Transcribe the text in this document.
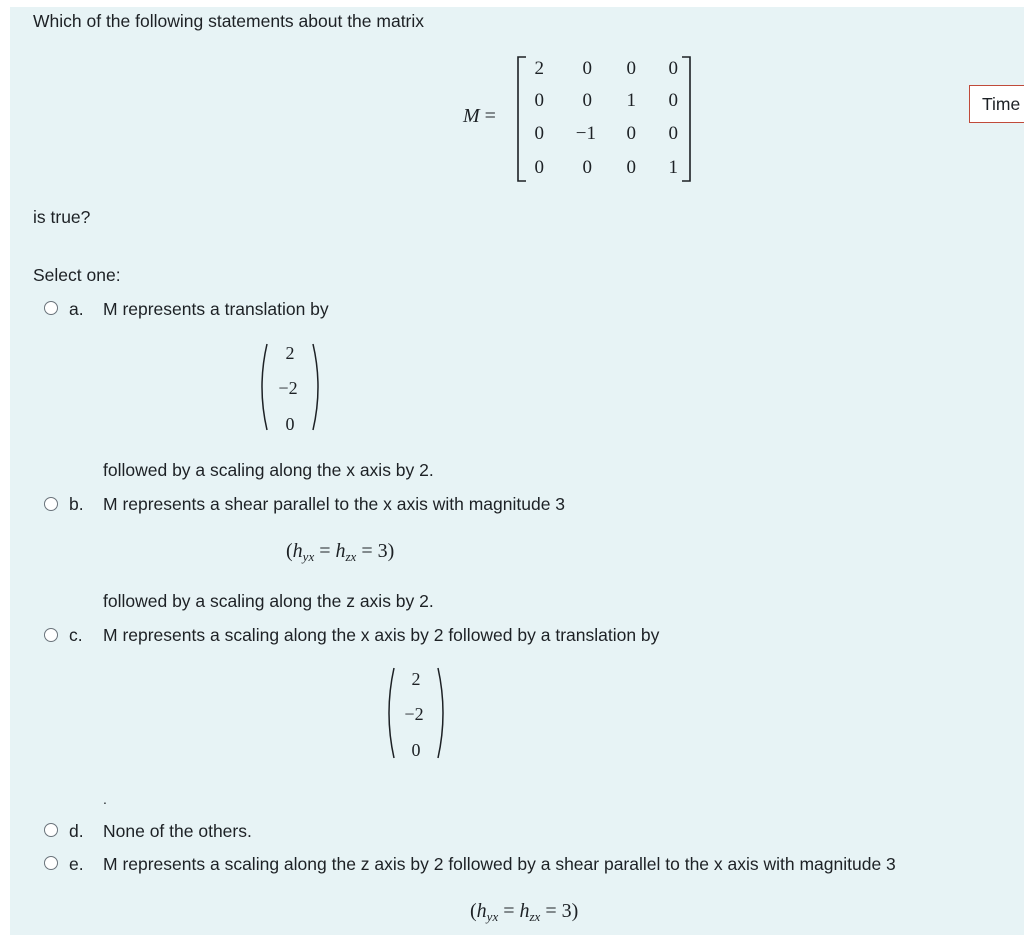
Which of the following statements about the matrix
M =
2	0	0	0
0	0	1	0
0	−1	0	0
0	0	0	1
Time
is true?
Select one:
a. M represents a translation by
2
−2
0
followed by a scaling along the x axis by 2.
b. M represents a shear parallel to the x axis with magnitude 3
$(h_{yx} = h_{zx} = 3)$
followed by a scaling along the z axis by 2.
c. M represents a scaling along the x axis by 2 followed by a translation by
2
−2
0
.
d. None of the others.
e. M represents a scaling along the z axis by 2 followed by a shear parallel to the x axis with magnitude 3
$(h_{yx} = h_{zx} = 3)$
